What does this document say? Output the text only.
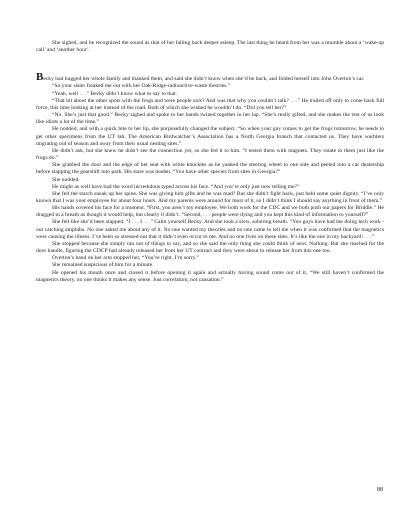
She sighed, and he recognized the sound as that of her falling back deeper asleep. The last thing he heard from her was a mumble about a ‘wake-up call’ and ‘another hour’.

Becky had hugged her whole family and thanked them, and said she didn’t know when she’d be back, and folded herself into John Overton’s car.

“So your sister freaked me out with her Oak-Ridge-radioactive-waste theories.”

“Yeah, well . . .” Becky didn’t know what to say to that.

“That bit about the other spots with the frogs and were people sick? And was that why you couldn’t talk? . . .” He trailed off only to come back full force, this time looking at her instead of the road. Both of which she wished he wouldn’t do. “Did you tell her?”

“No. She’s just that good.” Becky sighed and spoke to her hands twined together in her lap. “She’s really gifted, and she makes the rest of us look like idiots a lot of the time.”

He nodded, and with a quick bite to her lip, she purposefully changed the subject. “So when your guy comes to get the frogs tomorrow, he needs to get other specimens from the UT lab. The American Birdwatcher’s Association has a North Georgia branch that contacted us. They have warblers migrating out of season and away from their usual nesting sites.”

He didn’t ask, but she knew he didn’t see the connection yet, so she fed it to him. “I tested them with magnets. They rotate to them just like the frogs do.”

She grabbed the door and the edge of her seat with white knuckles as he yanked the steering wheel to one side and peeled into a car dealership before slapping the gearshift into park. His stare was leaden. “You have other species from sites in Georgia?”

She nodded.

He might as well have had the word incredulous typed across his face. “And you’re only just now telling me?”

She felt the starch sneak up her spine. She was giving him gifts and he was mad? But she didn’t fight back, just held some quiet dignity. “I’ve only known that I was your employee for about four hours. And my parents were around for most of it, so I didn’t think I should say anything in front of them.”

His hands covered his face for a moment. “First, you aren’t my employee. We both work for the CDC and we both push our papers for Briddle.” He dragged in a breath as though it would help, but clearly it didn’t. “Second, . . . people were dying and you kept this kind of information to yourself?”

She felt like she’d been slapped. “I . . . I . . .” Calm yourself Becky. And she took a slow, sobering breath. “You guys have had me doing tech work - out catching amphibs. No one asked me about any of it. No one wanted my theories and no one came to tell me when it was confirmed that the magnetics were causing the illness. I’ve been so stressed out that it didn’t even occur to me. And no one lives on these sites. It’s like the one in my backyard! . . .”

She stopped because she simply ran out of things to say, and so she said the only thing she could think of next. Nothing. But she reached for the door handle, figuring the CDCP had already released her from her UT contract and they were about to release her from this one too.

Overton’s hand on her arm stopped her, “You’re right. I’m sorry.”

She remained suspicious of him for a minute.

He opened his mouth once and closed it before opening it again and actually having sound come out of it, “We still haven’t confirmed the magnetics theory, no one thinks it makes any sense. Just correlation, not causation.”

88
